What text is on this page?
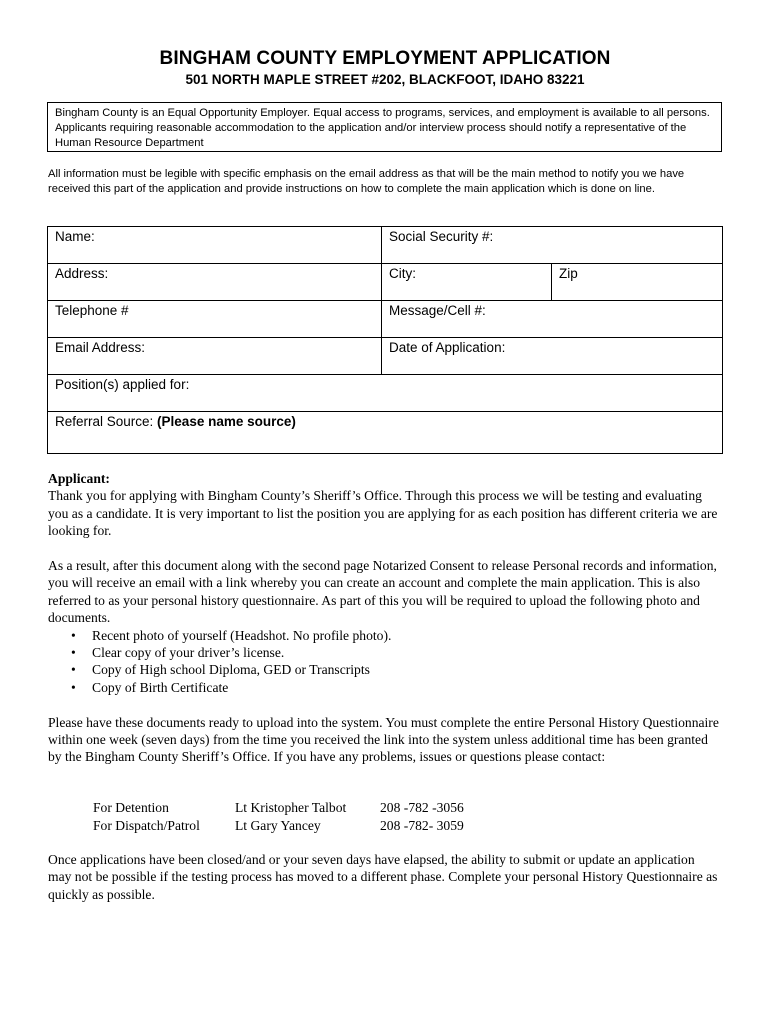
BINGHAM COUNTY EMPLOYMENT APPLICATION
501 NORTH MAPLE STREET #202, BLACKFOOT, IDAHO 83221
Bingham County is an Equal Opportunity Employer. Equal access to programs, services, and employment is available to all persons. Applicants requiring reasonable accommodation to the application and/or interview process should notify a representative of the Human Resource Department
All information must be legible with specific emphasis on the email address as that will be the main method to notify you we have received this part of the application and provide instructions on how to complete the main application which is done on line.
Name:	Social Security #:	
Address:	City:	Zip
Telephone #	Message/Cell #:	
Email Address:	Date of Application:	
Position(s) applied for:		
Referral Source: (Please name source)		

Applicant:

Thank you for applying with Bingham County’s Sheriff’s Office. Through this process we will be testing and evaluating you as a candidate. It is very important to list the position you are applying for as each position has different criteria we are looking for.

As a result, after this document along with the second page Notarized Consent to release Personal records and information, you will receive an email with a link whereby you can create an account and complete the main application. This is also referred to as your personal history questionnaire. As part of this you will be required to upload the following photo and documents.

• Recent photo of yourself (Headshot. No profile photo).
• Clear copy of your driver’s license.
• Copy of High school Diploma, GED or Transcripts
• Copy of Birth Certificate

Please have these documents ready to upload into the system. You must complete the entire Personal History Questionnaire within one week (seven days) from the time you received the link into the system unless additional time has been granted by the Bingham County Sheriff’s Office. If you have any problems, issues or questions please contact:

For Detention	Lt Kristopher Talbot	208 -782 -3056
For Dispatch/Patrol	Lt Gary Yancey	208 -782- 3059
Once applications have been closed/and or your seven days have elapsed, the ability to submit or update an application may not be possible if the testing process has moved to a different phase. Complete your personal History Questionnaire as quickly as possible.
